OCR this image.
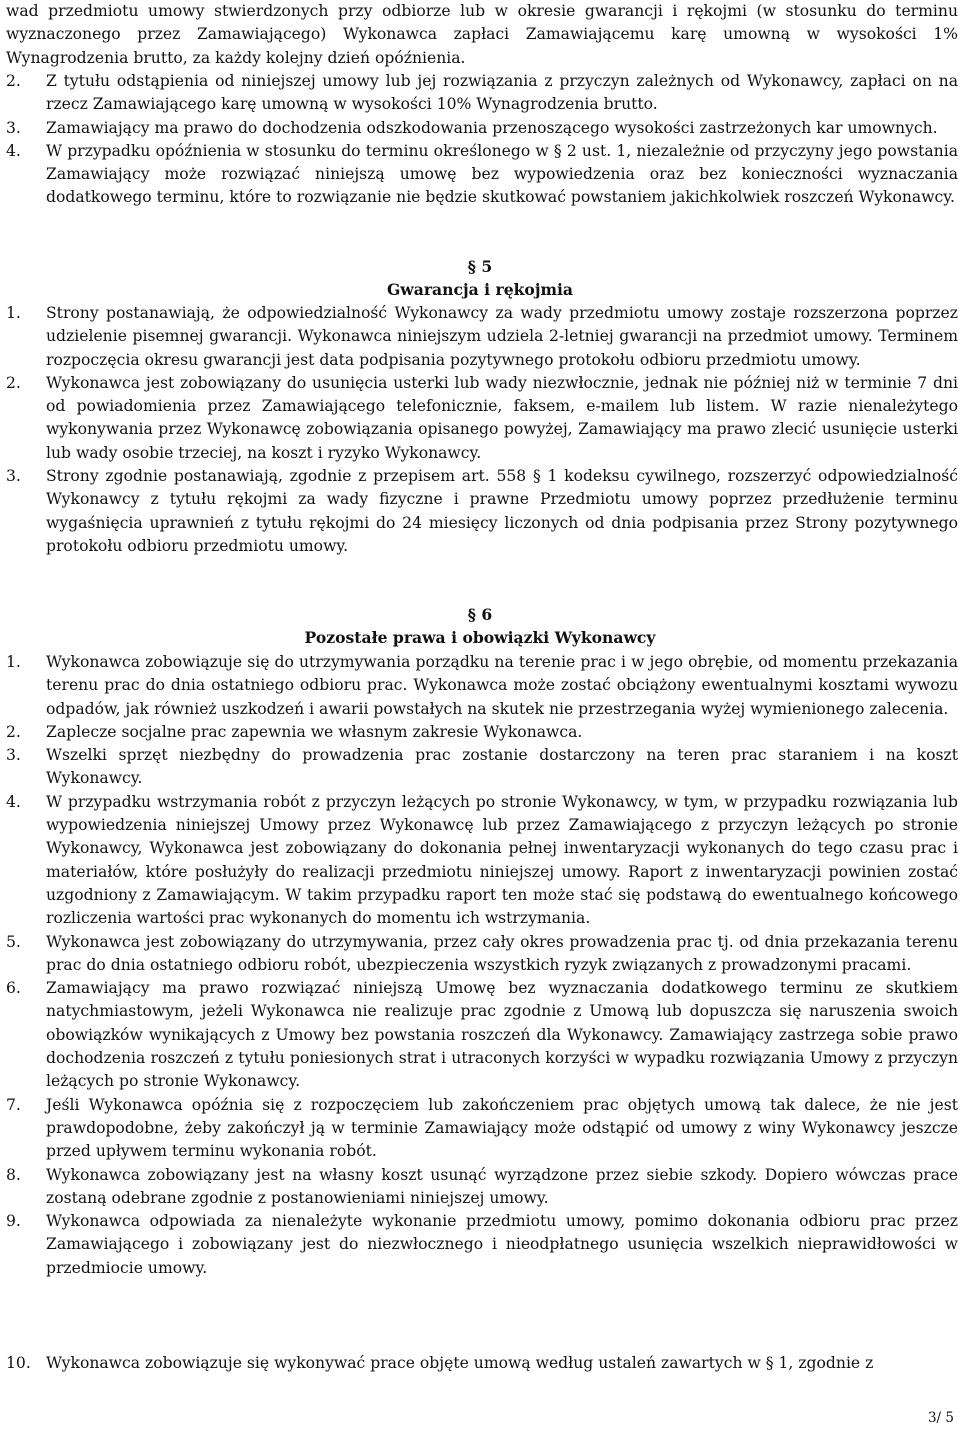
wad przedmiotu umowy stwierdzonych przy odbiorze lub w okresie gwarancji i rękojmi (w stosunku do terminu wyznaczonego przez Zamawiającego) Wykonawca zapłaci Zamawiającemu karę umowną w wysokości 1% Wynagrodzenia brutto, za każdy kolejny dzień opóźnienia.
2.	Z tytułu odstąpienia od niniejszej umowy lub jej rozwiązania z przyczyn zależnych od Wykonawcy, zapłaci on na rzecz Zamawiającego karę umowną w wysokości 10% Wynagrodzenia brutto.
3.	Zamawiający ma prawo do dochodzenia odszkodowania przenoszącego wysokości zastrzeżonych kar umownych.
4.	W przypadku opóźnienia w stosunku do terminu określonego w § 2 ust. 1, niezależnie od przyczyny jego powstania Zamawiający może rozwiązać niniejszą umowę bez wypowiedzenia oraz bez konieczności wyznaczania dodatkowego terminu, które to rozwiązanie nie będzie skutkować powstaniem jakichkolwiek roszczeń Wykonawcy.
§ 5
Gwarancja i rękojmia
1.	Strony postanawiają, że odpowiedzialność Wykonawcy za wady przedmiotu umowy zostaje rozszerzona poprzez udzielenie pisemnej gwarancji. Wykonawca niniejszym udziela 2-letniej gwarancji na przedmiot umowy. Terminem rozpoczęcia okresu gwarancji jest data podpisania pozytywnego protokołu odbioru przedmiotu umowy.
2.	Wykonawca jest zobowiązany do usunięcia usterki lub wady niezwłocznie, jednak nie później niż w terminie 7 dni od powiadomienia przez Zamawiającego telefonicznie, faksem, e-mailem lub listem. W razie nienależytego wykonywania przez Wykonawcę zobowiązania opisanego powyżej, Zamawiający ma prawo zlecić usunięcie usterki lub wady osobie trzeciej, na koszt i ryzyko Wykonawcy.
3.	Strony zgodnie postanawiają, zgodnie z przepisem art. 558 § 1 kodeksu cywilnego, rozszerzyć odpowiedzialność Wykonawcy z tytułu rękojmi za wady fizyczne i prawne Przedmiotu umowy poprzez przedłużenie terminu wygaśnięcia uprawnień z tytułu rękojmi do 24 miesięcy liczonych od dnia podpisania przez Strony pozytywnego protokołu odbioru przedmiotu umowy.
§ 6
Pozostałe prawa i obowiązki Wykonawcy
1.	Wykonawca zobowiązuje się do utrzymywania porządku na terenie prac i w jego obrębie, od momentu przekazania terenu prac do dnia ostatniego odbioru prac. Wykonawca może zostać obciążony ewentualnymi kosztami wywozu odpadów, jak również uszkodzeń i awarii powstałych na skutek nie przestrzegania wyżej wymienionego zalecenia.
2.	Zaplecze socjalne prac zapewnia we własnym zakresie Wykonawca.
3.	Wszelki sprzęt niezbędny do prowadzenia prac zostanie dostarczony na teren prac staraniem i na koszt Wykonawcy.
4.	W przypadku wstrzymania robót z przyczyn leżących po stronie Wykonawcy, w tym, w przypadku rozwiązania lub wypowiedzenia niniejszej Umowy przez Wykonawcę lub przez Zamawiającego z przyczyn leżących po stronie Wykonawcy, Wykonawca jest zobowiązany do dokonania pełnej inwentaryzacji wykonanych do tego czasu prac i materiałów, które posłużyły do realizacji przedmiotu niniejszej umowy. Raport z inwentaryzacji powinien zostać uzgodniony z Zamawiającym. W takim przypadku raport ten może stać się podstawą do ewentualnego końcowego rozliczenia wartości prac wykonanych do momentu ich wstrzymania.
5.	Wykonawca jest zobowiązany do utrzymywania, przez cały okres prowadzenia prac tj. od dnia przekazania terenu prac do dnia ostatniego odbioru robót, ubezpieczenia wszystkich ryzyk związanych z prowadzonymi pracami.
6.	Zamawiający ma prawo rozwiązać niniejszą Umowę bez wyznaczania dodatkowego terminu ze skutkiem natychmiastowym, jeżeli Wykonawca nie realizuje prac zgodnie z Umową lub dopuszcza się naruszenia swoich obowiązków wynikających z Umowy bez powstania roszczeń dla Wykonawcy. Zamawiający zastrzega sobie prawo dochodzenia roszczeń z tytułu poniesionych strat i utraconych korzyści w wypadku rozwiązania Umowy z przyczyn leżących po stronie Wykonawcy.
7.	Jeśli Wykonawca opóźnia się z rozpoczęciem lub zakończeniem prac objętych umową tak dalece, że nie jest prawdopodobne, żeby zakończył ją w terminie Zamawiający może odstąpić od umowy z winy Wykonawcy jeszcze przed upływem terminu wykonania robót.
8.	Wykonawca zobowiązany jest na własny koszt usunąć wyrządzone przez siebie szkody. Dopiero wówczas prace zostaną odebrane zgodnie z postanowieniami niniejszej umowy.
9.	Wykonawca odpowiada za nienależyte wykonanie przedmiotu umowy, pomimo dokonania odbioru prac przez Zamawiającego i zobowiązany jest do niezwłocznego i nieodpłatnego usunięcia wszelkich nieprawidłowości w przedmiocie umowy.
10. Wykonawca zobowiązuje się wykonywać prace objęte umową według ustaleń zawartych w § 1, zgodnie z
3/ 5
